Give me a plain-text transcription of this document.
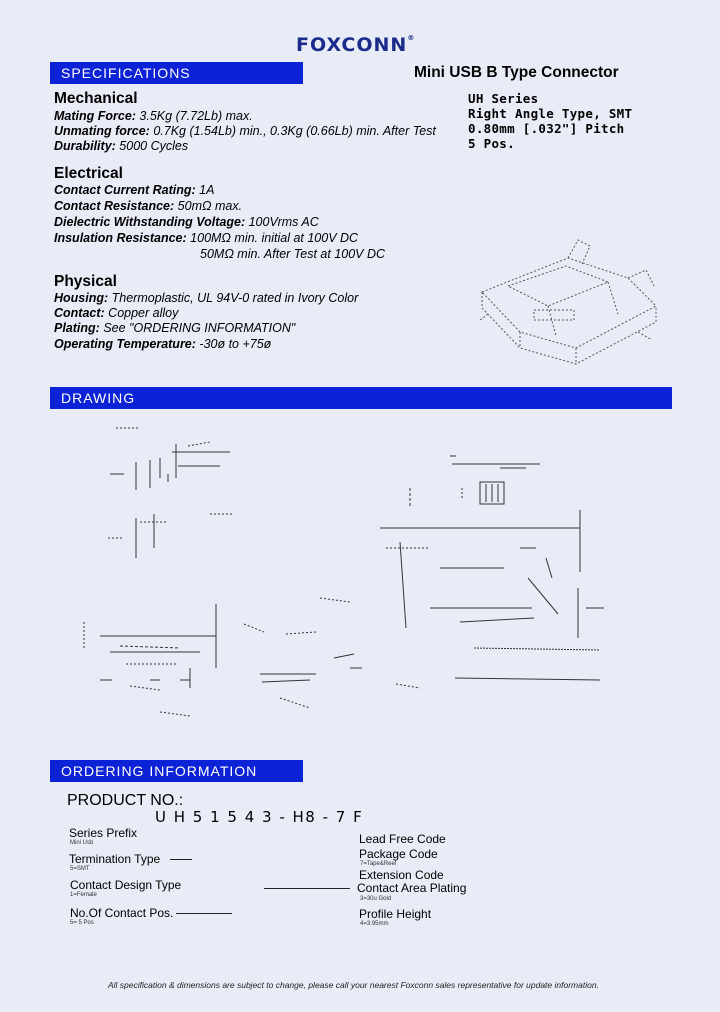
FOXCONN®
SPECIFICATIONS	Mini USB B Type Connector
UH Series
Right Angle Type, SMT
0.80mm [.032"] Pitch
5 Pos.
Mechanical
Mating Force: 3.5Kg (7.72Lb) max.
Unmating force: 0.7Kg (1.54Lb) min., 0.3Kg (0.66Lb) min. After Test
Durability: 5000 Cycles
Electrical
Contact Current Rating: 1A
Contact Resistance: 50mΩ max.
Dielectric Withstanding Voltage: 100Vrms AC
Insulation Resistance: 100MΩ min. initial at 100V DC
50MΩ min. After Test at 100V DC
Physical
Housing: Thermoplastic, UL 94V-0 rated in Ivory Color
Contact: Copper alloy
Plating: See "ORDERING INFORMATION"
Operating Temperature: -30ø to +75ø
DRAWING
ORDERING INFORMATION
PRODUCT NO.:
U H 5 1 5 4 3 - H8 - 7 F
Series Prefix
Mini Usb
Termination Type
5=SMT
Contact Design Type
1=Female
No.Of Contact Pos.
5= 5 Pos
Lead Free Code
Package Code
7=Tape&Reel
Extension Code
Contact Area Plating
3=30u Gold
Profile Height
4=3.95mm
All specification & dimensions are subject to change, please call your nearest Foxconn sales representative for update information.
